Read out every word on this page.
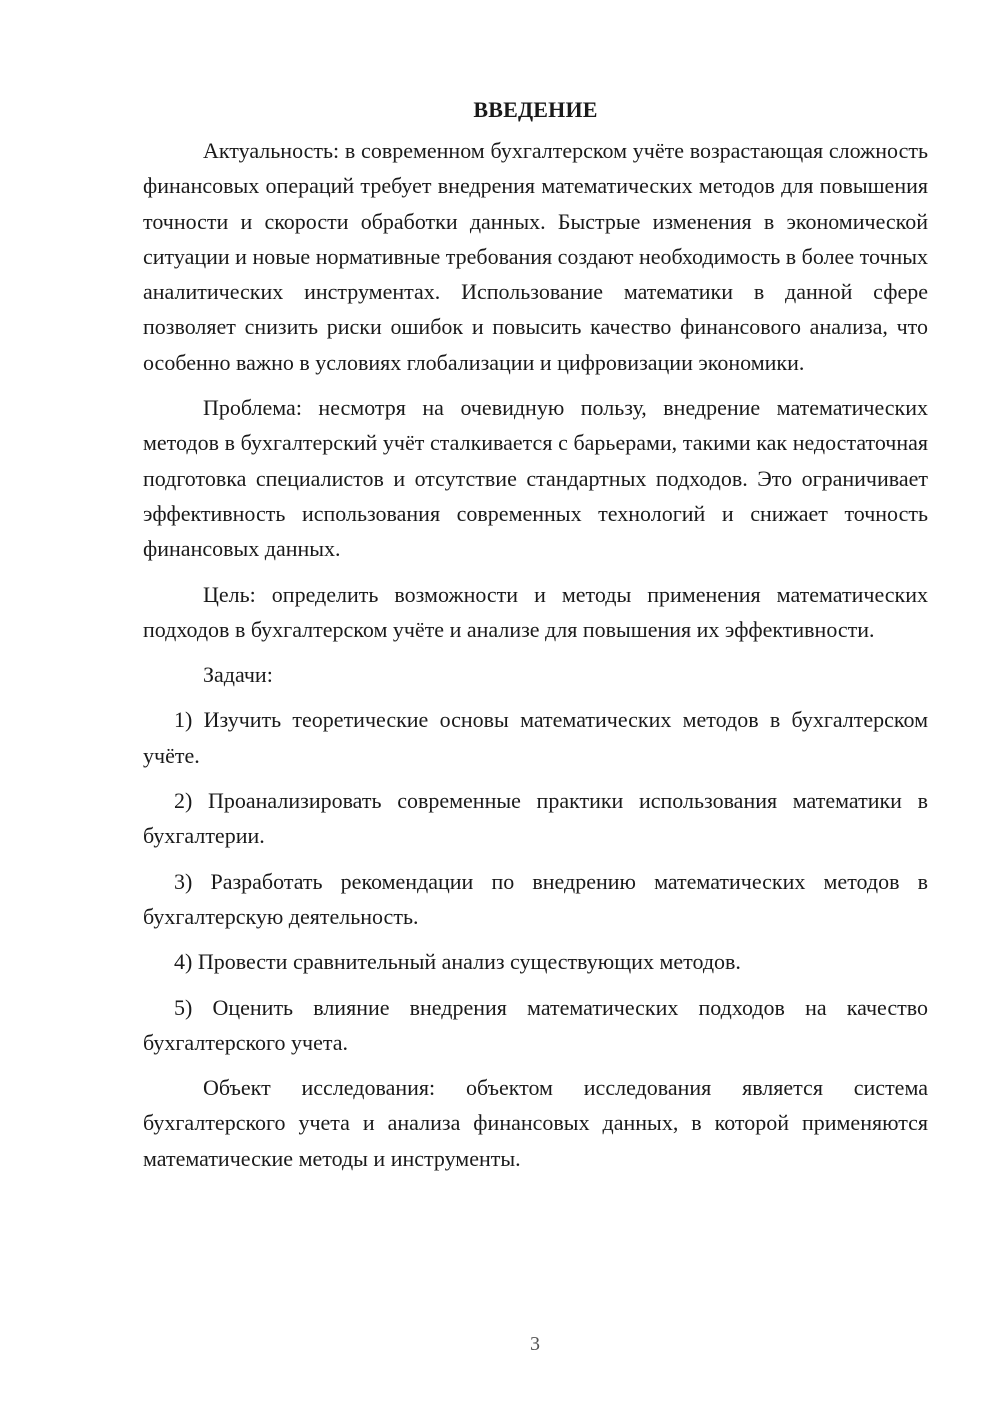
ВВЕДЕНИЕ

Актуальность: в современном бухгалтерском учёте возрастающая сложность финансовых операций требует внедрения математических методов для повышения точности и скорости обработки данных. Быстрые изменения в экономической ситуации и новые нормативные требования создают необходимость в более точных аналитических инструментах. Использование математики в данной сфере позволяет снизить риски ошибок и повысить качество финансового анализа, что особенно важно в условиях глобализации и цифровизации экономики.

Проблема: несмотря на очевидную пользу, внедрение математических методов в бухгалтерский учёт сталкивается с барьерами, такими как недостаточная подготовка специалистов и отсутствие стандартных подходов. Это ограничивает эффективность использования современных технологий и снижает точность финансовых данных.

Цель: определить возможности и методы применения математических подходов в бухгалтерском учёте и анализе для повышения их эффективности.

Задачи:

1) Изучить теоретические основы математических методов в бухгалтерском учёте.

2) Проанализировать современные практики использования математики в бухгалтерии.

3) Разработать рекомендации по внедрению математических методов в бухгалтерскую деятельность.

4) Провести сравнительный анализ существующих методов.

5) Оценить влияние внедрения математических подходов на качество бухгалтерского учета.

Объект исследования: объектом исследования является система бухгалтерского учета и анализа финансовых данных, в которой применяются математические методы и инструменты.

3
